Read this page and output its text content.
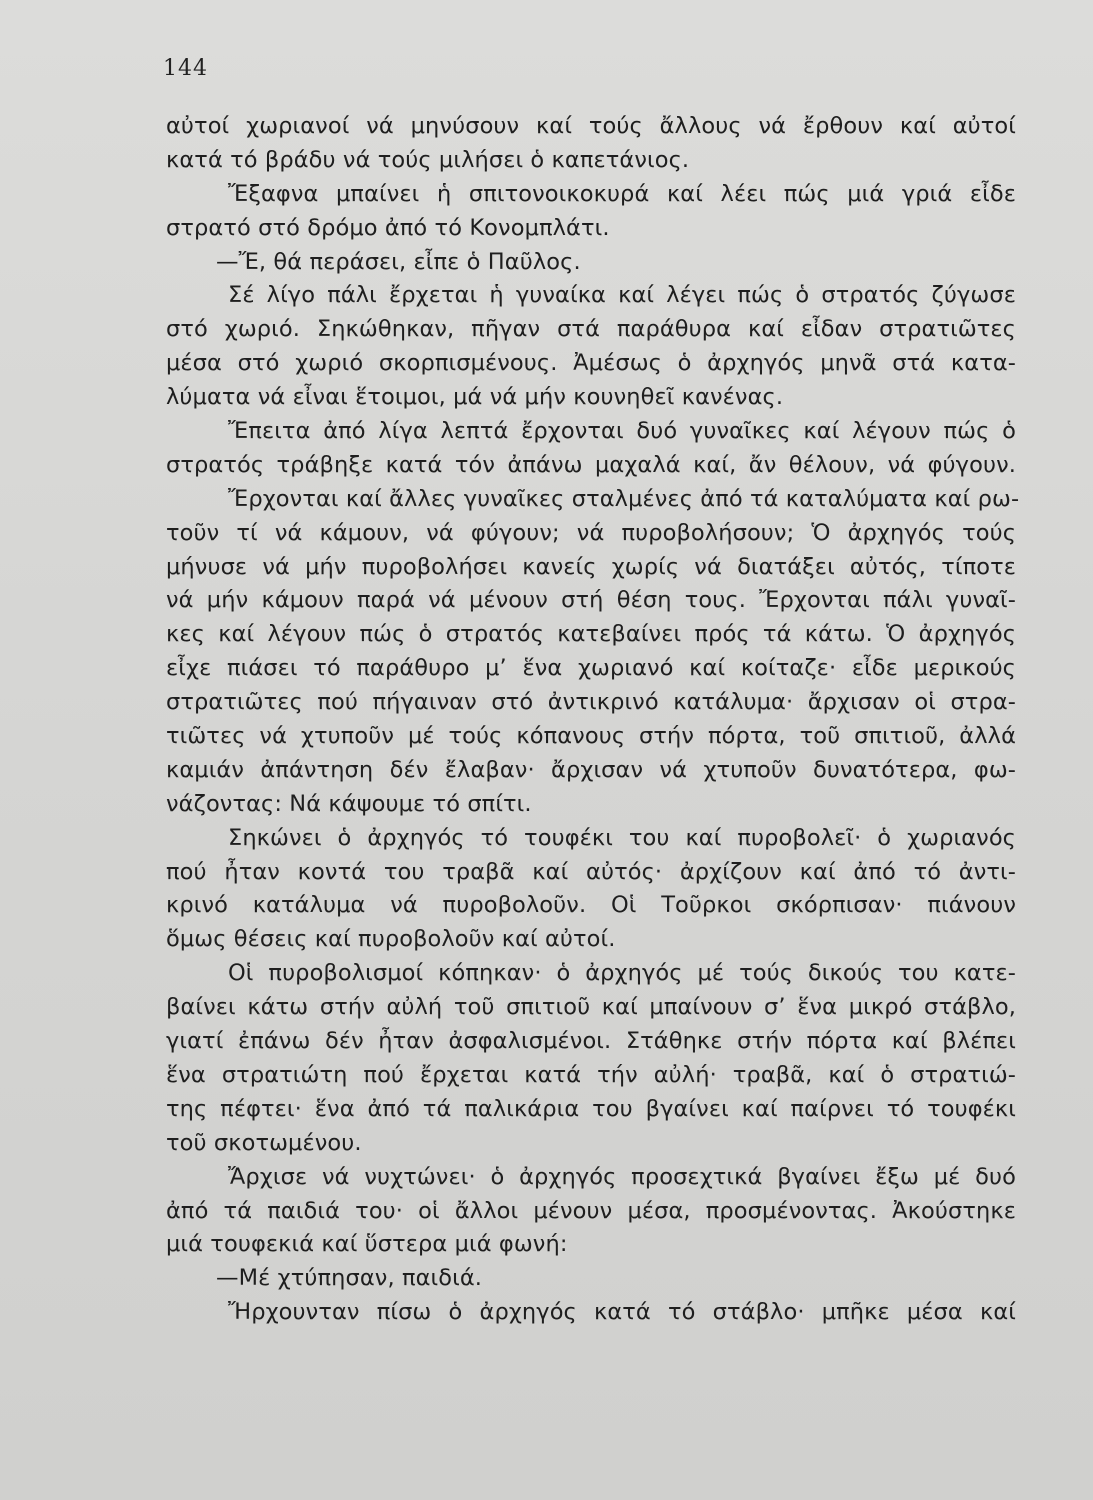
144
αὐτοί χωριανοί νά μηνύσουν καί τούς ἄλλους νά ἔρθουν καί αὐτοί
κατά τό βράδυ νά τούς μιλήσει ὁ καπετάνιος.
Ἔξαφνα μπαίνει ἡ σπιτονοικοκυρά καί λέει πώς μιά γριά εἶδε
στρατό στό δρόμο ἀπό τό Κονομπλάτι.
—Ἔ, θά περάσει, εἶπε ὁ Παῦλος.
Σέ λίγο πάλι ἔρχεται ἡ γυναίκα καί λέγει πώς ὁ στρατός ζύγωσε
στό χωριό. Σηκώθηκαν, πῆγαν στά παράθυρα καί εἶδαν στρατιῶτες
μέσα στό χωριό σκορπισμένους. Ἀμέσως ὁ ἀρχηγός μηνᾶ στά κατα-
λύματα νά εἶναι ἕτοιμοι, μά νά μήν κουνηθεῖ κανένας.
Ἔπειτα ἀπό λίγα λεπτά ἔρχονται δυό γυναῖκες καί λέγουν πώς ὁ
στρατός τράβηξε κατά τόν ἀπάνω μαχαλά καί, ἄν θέλουν, νά φύγουν.
Ἔρχονται καί ἄλλες γυναῖκες σταλμένες ἀπό τά καταλύματα καί ρω-
τοῦν τί νά κάμουν, νά φύγουν; νά πυροβολήσουν; Ὁ ἀρχηγός τούς
μήνυσε νά μήν πυροβολήσει κανείς χωρίς νά διατάξει αὐτός, τίποτε
νά μήν κάμουν παρά νά μένουν στή θέση τους. Ἔρχονται πάλι γυναῖ-
κες καί λέγουν πώς ὁ στρατός κατεβαίνει πρός τά κάτω. Ὁ ἀρχηγός
εἶχε πιάσει τό παράθυρο μ’ ἕνα χωριανό καί κοίταζε· εἶδε μερικούς
στρατιῶτες πού πήγαιναν στό ἀντικρινό κατάλυμα· ἄρχισαν οἱ στρα-
τιῶτες νά χτυποῦν μέ τούς κόπανους στήν πόρτα, τοῦ σπιτιοῦ, ἀλλά
καμιάν ἀπάντηση δέν ἔλαβαν· ἄρχισαν νά χτυποῦν δυνατότερα, φω-
νάζοντας: Νά κάψουμε τό σπίτι.
Σηκώνει ὁ ἀρχηγός τό τουφέκι του καί πυροβολεῖ· ὁ χωριανός
πού ἦταν κοντά του τραβᾶ καί αὐτός· ἀρχίζουν καί ἀπό τό ἀντι-
κρινό κατάλυμα νά πυροβολοῦν. Οἱ Τοῦρκοι σκόρπισαν· πιάνουν
ὅμως θέσεις καί πυροβολοῦν καί αὐτοί.
Οἱ πυροβολισμοί κόπηκαν· ὁ ἀρχηγός μέ τούς δικούς του κατε-
βαίνει κάτω στήν αὐλή τοῦ σπιτιοῦ καί μπαίνουν σ’ ἕνα μικρό στάβλο,
γιατί ἐπάνω δέν ἦταν ἀσφαλισμένοι. Στάθηκε στήν πόρτα καί βλέπει
ἕνα στρατιώτη πού ἔρχεται κατά τήν αὐλή· τραβᾶ, καί ὁ στρατιώ-
της πέφτει· ἕνα ἀπό τά παλικάρια του βγαίνει καί παίρνει τό τουφέκι
τοῦ σκοτωμένου.
Ἄρχισε νά νυχτώνει· ὁ ἀρχηγός προσεχτικά βγαίνει ἔξω μέ δυό
ἀπό τά παιδιά του· οἱ ἄλλοι μένουν μέσα, προσμένοντας. Ἀκούστηκε
μιά τουφεκιά καί ὕστερα μιά φωνή:
—Μέ χτύπησαν, παιδιά.
Ἤρχουνταν πίσω ὁ ἀρχηγός κατά τό στάβλο· μπῆκε μέσα καί
